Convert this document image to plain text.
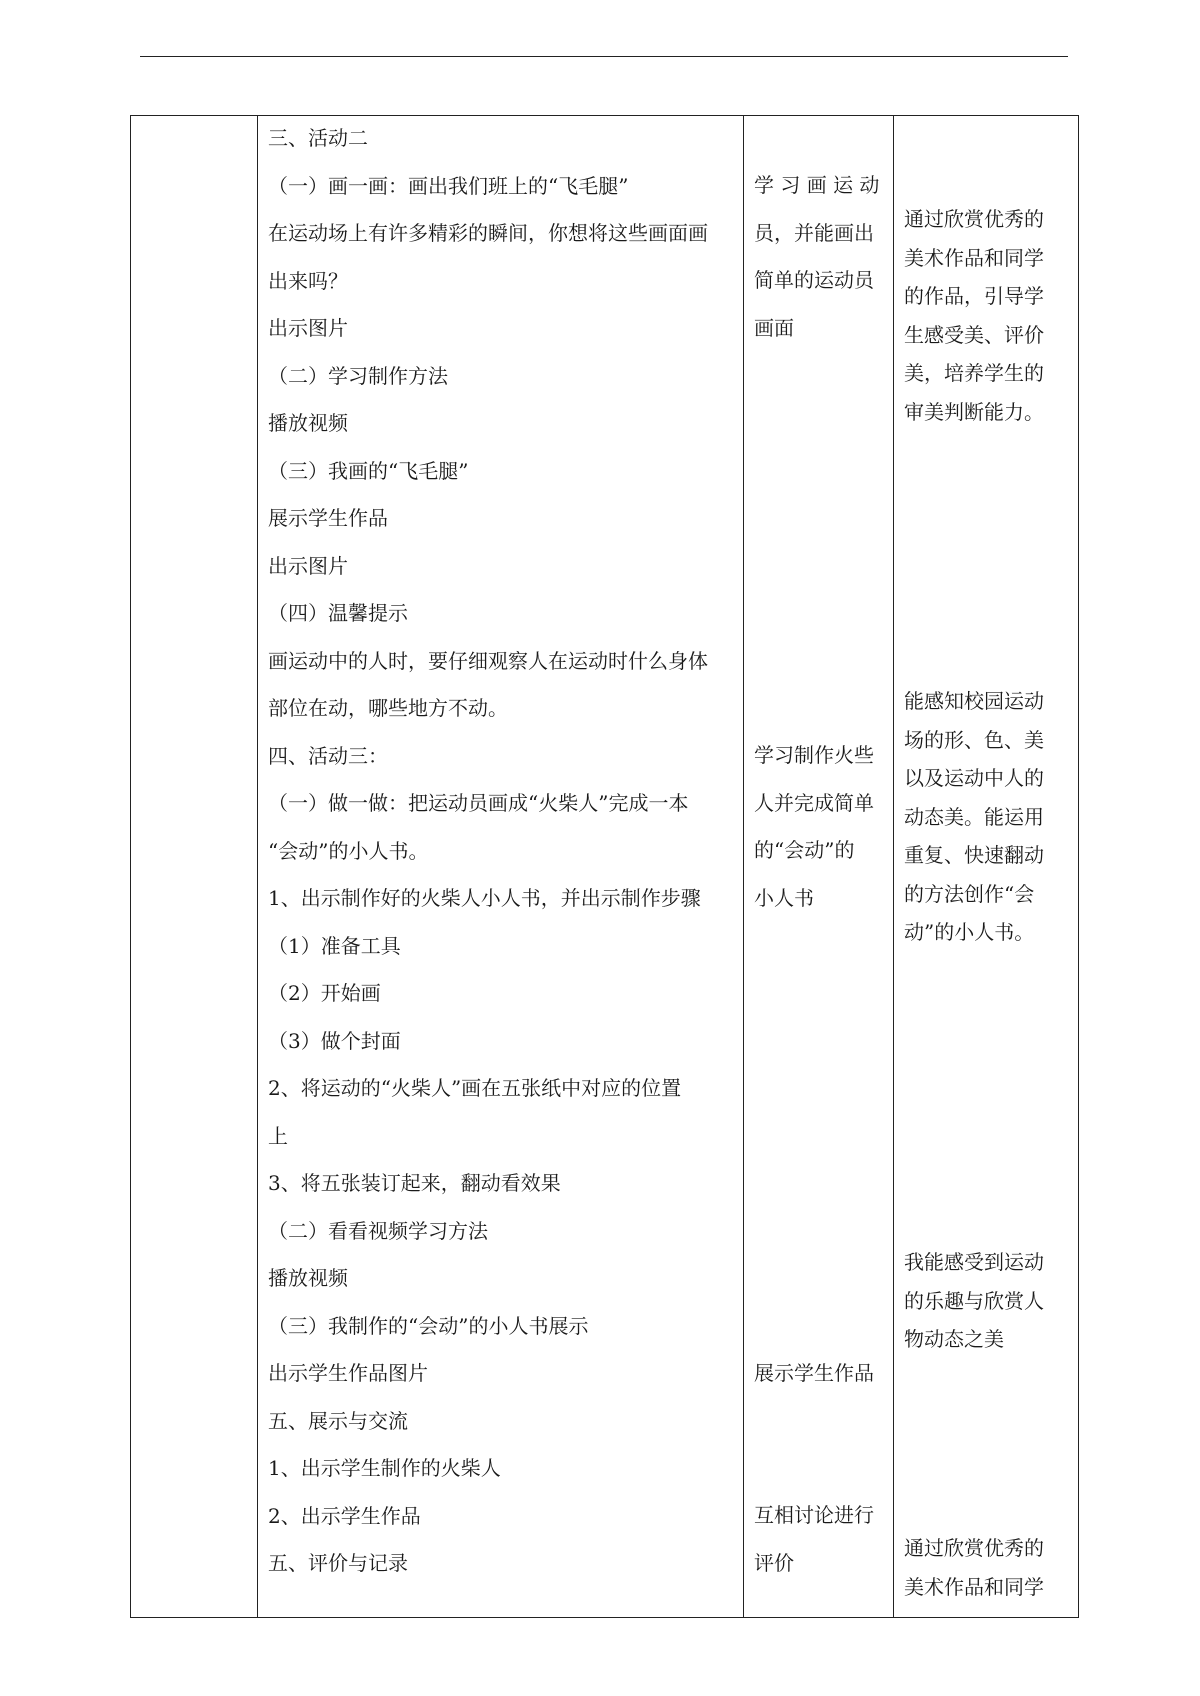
三、活动二
（一）画一画：画出我们班上的“飞毛腿”
在运动场上有许多精彩的瞬间，你想将这些画面画
出来吗？
出示图片
（二）学习制作方法
播放视频
（三）我画的“飞毛腿”
展示学生作品
出示图片
（四）温馨提示
画运动中的人时，要仔细观察人在运动时什么身体
部位在动，哪些地方不动。
四、活动三：
（一）做一做：把运动员画成“火柴人”完成一本
“会动”的小人书。
1、出示制作好的火柴人小人书，并出示制作步骤
（1）准备工具
（2）开始画
（3）做个封面
2、将运动的“火柴人”画在五张纸中对应的位置
上
3、将五张装订起来，翻动看效果
（二）看看视频学习方法
播放视频
（三）我制作的“会动”的小人书展示
出示学生作品图片
五、展示与交流
1、出示学生制作的火柴人
2、出示学生作品
五、评价与记录
学 习 画 运 动
员，并能画出
简单的运动员
画面
学习制作火些
人并完成简单
的“会动”的
小人书
展示学生作品
互相讨论进行
评价
通过欣赏优秀的
美术作品和同学
的作品，引导学
生感受美、评价
美，培养学生的
审美判断能力。
能感知校园运动
场的形、色、美
以及运动中人的
动态美。能运用
重复、快速翻动
的方法创作“会
动”的小人书。
我能感受到运动
的乐趣与欣赏人
物动态之美
通过欣赏优秀的
美术作品和同学
